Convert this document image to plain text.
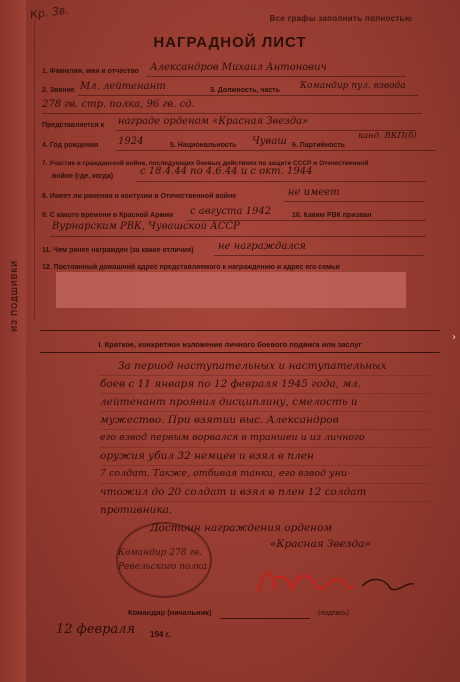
Кр. Зв.	Все графы заполнить полностью
НАГРАДНОЙ ЛИСТ
ИЗ ПОДШИВКИ
›
1. Фамилия, имя и отчество Александров Михаил Антонович
2. Звание Мл. лейтенант	3. Должность, часть Командир пул. взвода
278 гв. стр. полка, 96 гв. сд.
Представляется к награде орденом «Красная Звезда»
4. Год рождения 1924	5. Национальность Чуваш 6. Партийность
канд. ВКП(б)
7. Участие в гражданской войне, последующих боевых действиях по защите СССР и Отечественной
войне (где, когда)	с 18.4.44 по 4.6.44 и с окт. 1944
8. Имеет ли ранения и контузии в Отечественной войне	не имеет
9. С какого времени в Красной Армии с августа 1942	10. Каким РВК призван
Вурнарским РВК, Чувашской АССР
11. Чем ранее награжден (за какие отличия) не награждался
12. Постоянный домашний адрес представляемого к награждению и адрес его семьи
I. Краткое, конкретное изложение личного боевого подвига или заслуг
За период наступательных и наступательных
боев с 11 января по 12 февраля 1945 года, мл.
лейтенант проявил дисциплину, смелость и
мужество. При взятии выс. Александров
его взвод первым ворвался в траншеи и из личного
оружия убил 32 немцев и взял в плен
7 солдат. Также, отбивая танки, его взвод уни-
чтожил до 20 солдат и взял в плен 12 солдат
противника.
Достоин награждения орденом
«Красная Звезда»
Командир 278 гв.
Ревельского полка
Командир (начальник)	(подпись)
12 февраля 194 г.
